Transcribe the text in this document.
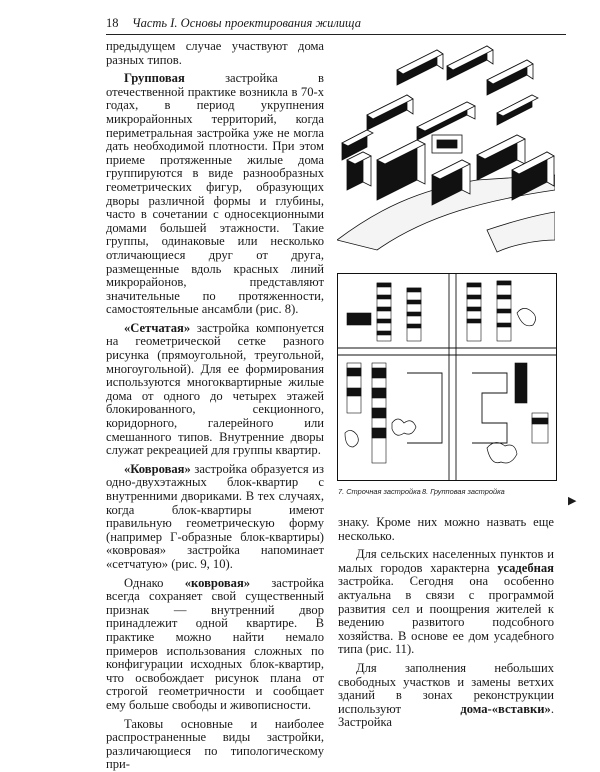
18 Часть I. Основы проектирования жилища

предыдущем случае участвуют дома разных типов.

Групповая застройка в отечественной практике возникла в 70-х годах, в период укрупнения микрорайонных территорий, когда периметральная застройка уже не могла дать необходимой плотности. При этом приеме протяженные жилые дома группируются в виде разнообразных геометрических фигур, образующих дворы различной формы и глубины, часто в сочетании с односекционными домами большей этажности. Такие группы, одинаковые или несколько отличающиеся друг от друга, размещенные вдоль красных линий микрорайонов, представляют значительные по протяженности, самостоятельные ансамбли (рис. 8).

«Сетчатая» застройка компонуется на геометрической сетке разного рисунка (прямоугольной, треугольной, многоугольной). Для ее формирования используются многоквартирные жилые дома от одного до четырех этажей блокированного, секционного, коридорного, галерейного или смешанного типов. Внутренние дворы служат рекреацией для группы квартир.

«Ковровая» застройка образуется из одно-двухэтажных блок-квартир с внутренними двориками. В тех случаях, когда блок-квартиры имеют правильную геометрическую форму (например Г-образные блок-квартиры) «ковровая» застройка напоминает «сетчатую» (рис. 9, 10).

Однако «ковровая» застройка всегда сохраняет свой существенный признак — внутренний двор принадлежит одной квартире. В практике можно найти немало примеров использования сложных по конфигурации исходных блок-квартир, что освобождает рисунок плана от строгой геометричности и сообщает ему больше свободы и живописности.

Таковы основные и наиболее распространенные виды застройки, различающиеся по типологическому при-

7. Строчная застройка 8. Групповая застройка
▶

знаку. Кроме них можно назвать еще несколько.

Для сельских населенных пунктов и малых городов характерна усадебная застройка. Сегодня она особенно актуальна в связи с программой развития сел и поощрения жителей к ведению развитого подсобного хозяйства. В основе ее дом усадебного типа (рис. 11).

Для заполнения небольших свободных участков и замены ветхих зданий в зонах реконструкции используют дома-«вставки». Застройка
